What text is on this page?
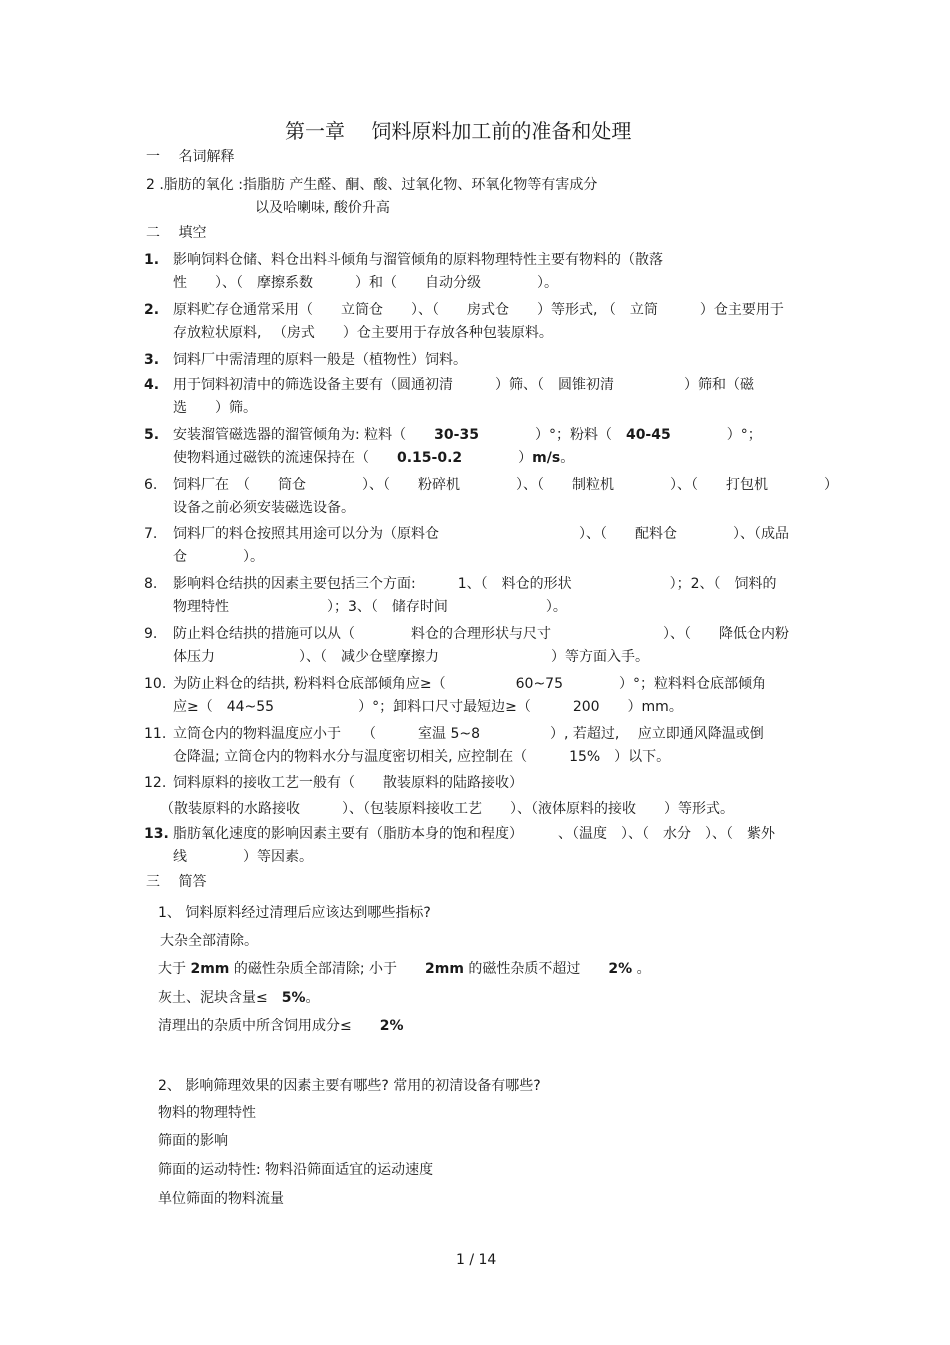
第一章　 饲料原料加工前的准备和处理
一　 名词解释
2 .脂肪的氧化 :指脂肪 产生醛、酮、酸、过氧化物、环氧化物等有害成分
以及哈喇味, 酸价升高
二　 填空
1. 影响饲料仓储、料仓出料斗倾角与溜管倾角的原料物理特性主要有物料的（散落
性　　）、（　摩擦系数　　　）和（　　自动分级　　　　）。
2. 原料贮存仓通常采用（　　立筒仓　　）、（　　房式仓　　）等形式, （　立筒　　　）仓主要用于
存放粒状原料, 　（房式　　）仓主要用于存放各种包装原料。
3. 饲料厂中需清理的原料一般是（植物性）饲料。
4. 用于饲料初清中的筛选设备主要有（圆通初清　　　）筛、（　圆锥初清　　　　　）筛和（磁
选　　）筛。
5. 安装溜管磁选器的溜管倾角为: 粒料（　　30-35　　　　）°；粉料（　40-45　　　　）°；
使物料通过磁铁的流速保持在（　　0.15-0.2　　　　）m/s。
6. 饲料厂在　（　　筒仓　　　　）、（　　粉碎机　　　　）、（　　制粒机　　　　）、（　　打包机　　　　）
设备之前必须安装磁选设备。
7. 饲料厂的料仓按照其用途可以分为（原料仓　　　　　　　　　　）、（　　配料仓　　　　）、（成品
仓　　　　）。
8. 影响料仓结拱的因素主要包括三个方面:　　　1、（　料仓的形状　　　　　　　）；2、（　饲料的
物理特性　　　　　　　）；3、（　储存时间　　　　　　　）。
9. 防止料仓结拱的措施可以从（　　　　料仓的合理形状与尺寸　　　　　　　　）、（　　降低仓内粉
体压力　　　　　　）、（　减少仓壁摩擦力　　　　　　　　）等方面入手。
10. 为防止料仓的结拱, 粉料料仓底部倾角应≥（　　　　　60~75　　　　）°；粒料料仓底部倾角
应≥（　44~55　　　　　　）°；卸料口尺寸最短边≥（　　　200　　）mm。
11. 立筒仓内的物料温度应小于　　（　　　室温 5~8　　　　　）, 若超过, 　应立即通风降温或倒
仓降温; 立筒仓内的物料水分与温度密切相关, 应控制在（　　　15%　）以下。
12. 饲料原料的接收工艺一般有（　　散装原料的陆路接收）
（散装原料的水路接收　　　）、（包装原料接收工艺　　）、（液体原料的接收　　）等形式。
13. 脂肪氧化速度的影响因素主要有（脂肪本身的饱和程度）　　　、（温度　）、（　水分　）、（　紫外
线　　　　）等因素。
三　 简答
1、 饲料原料经过清理后应该达到哪些指标?
大杂全部清除。
大于 2mm 的磁性杂质全部清除; 小于　　2mm 的磁性杂质不超过　　2% 。
灰土、泥块含量≤　5%。
清理出的杂质中所含饲用成分≤　　2%
2、 影响筛理效果的因素主要有哪些? 常用的初清设备有哪些?
物料的物理特性
筛面的影响
筛面的运动特性: 物料沿筛面适宜的运动速度
单位筛面的物料流量
1 / 14
